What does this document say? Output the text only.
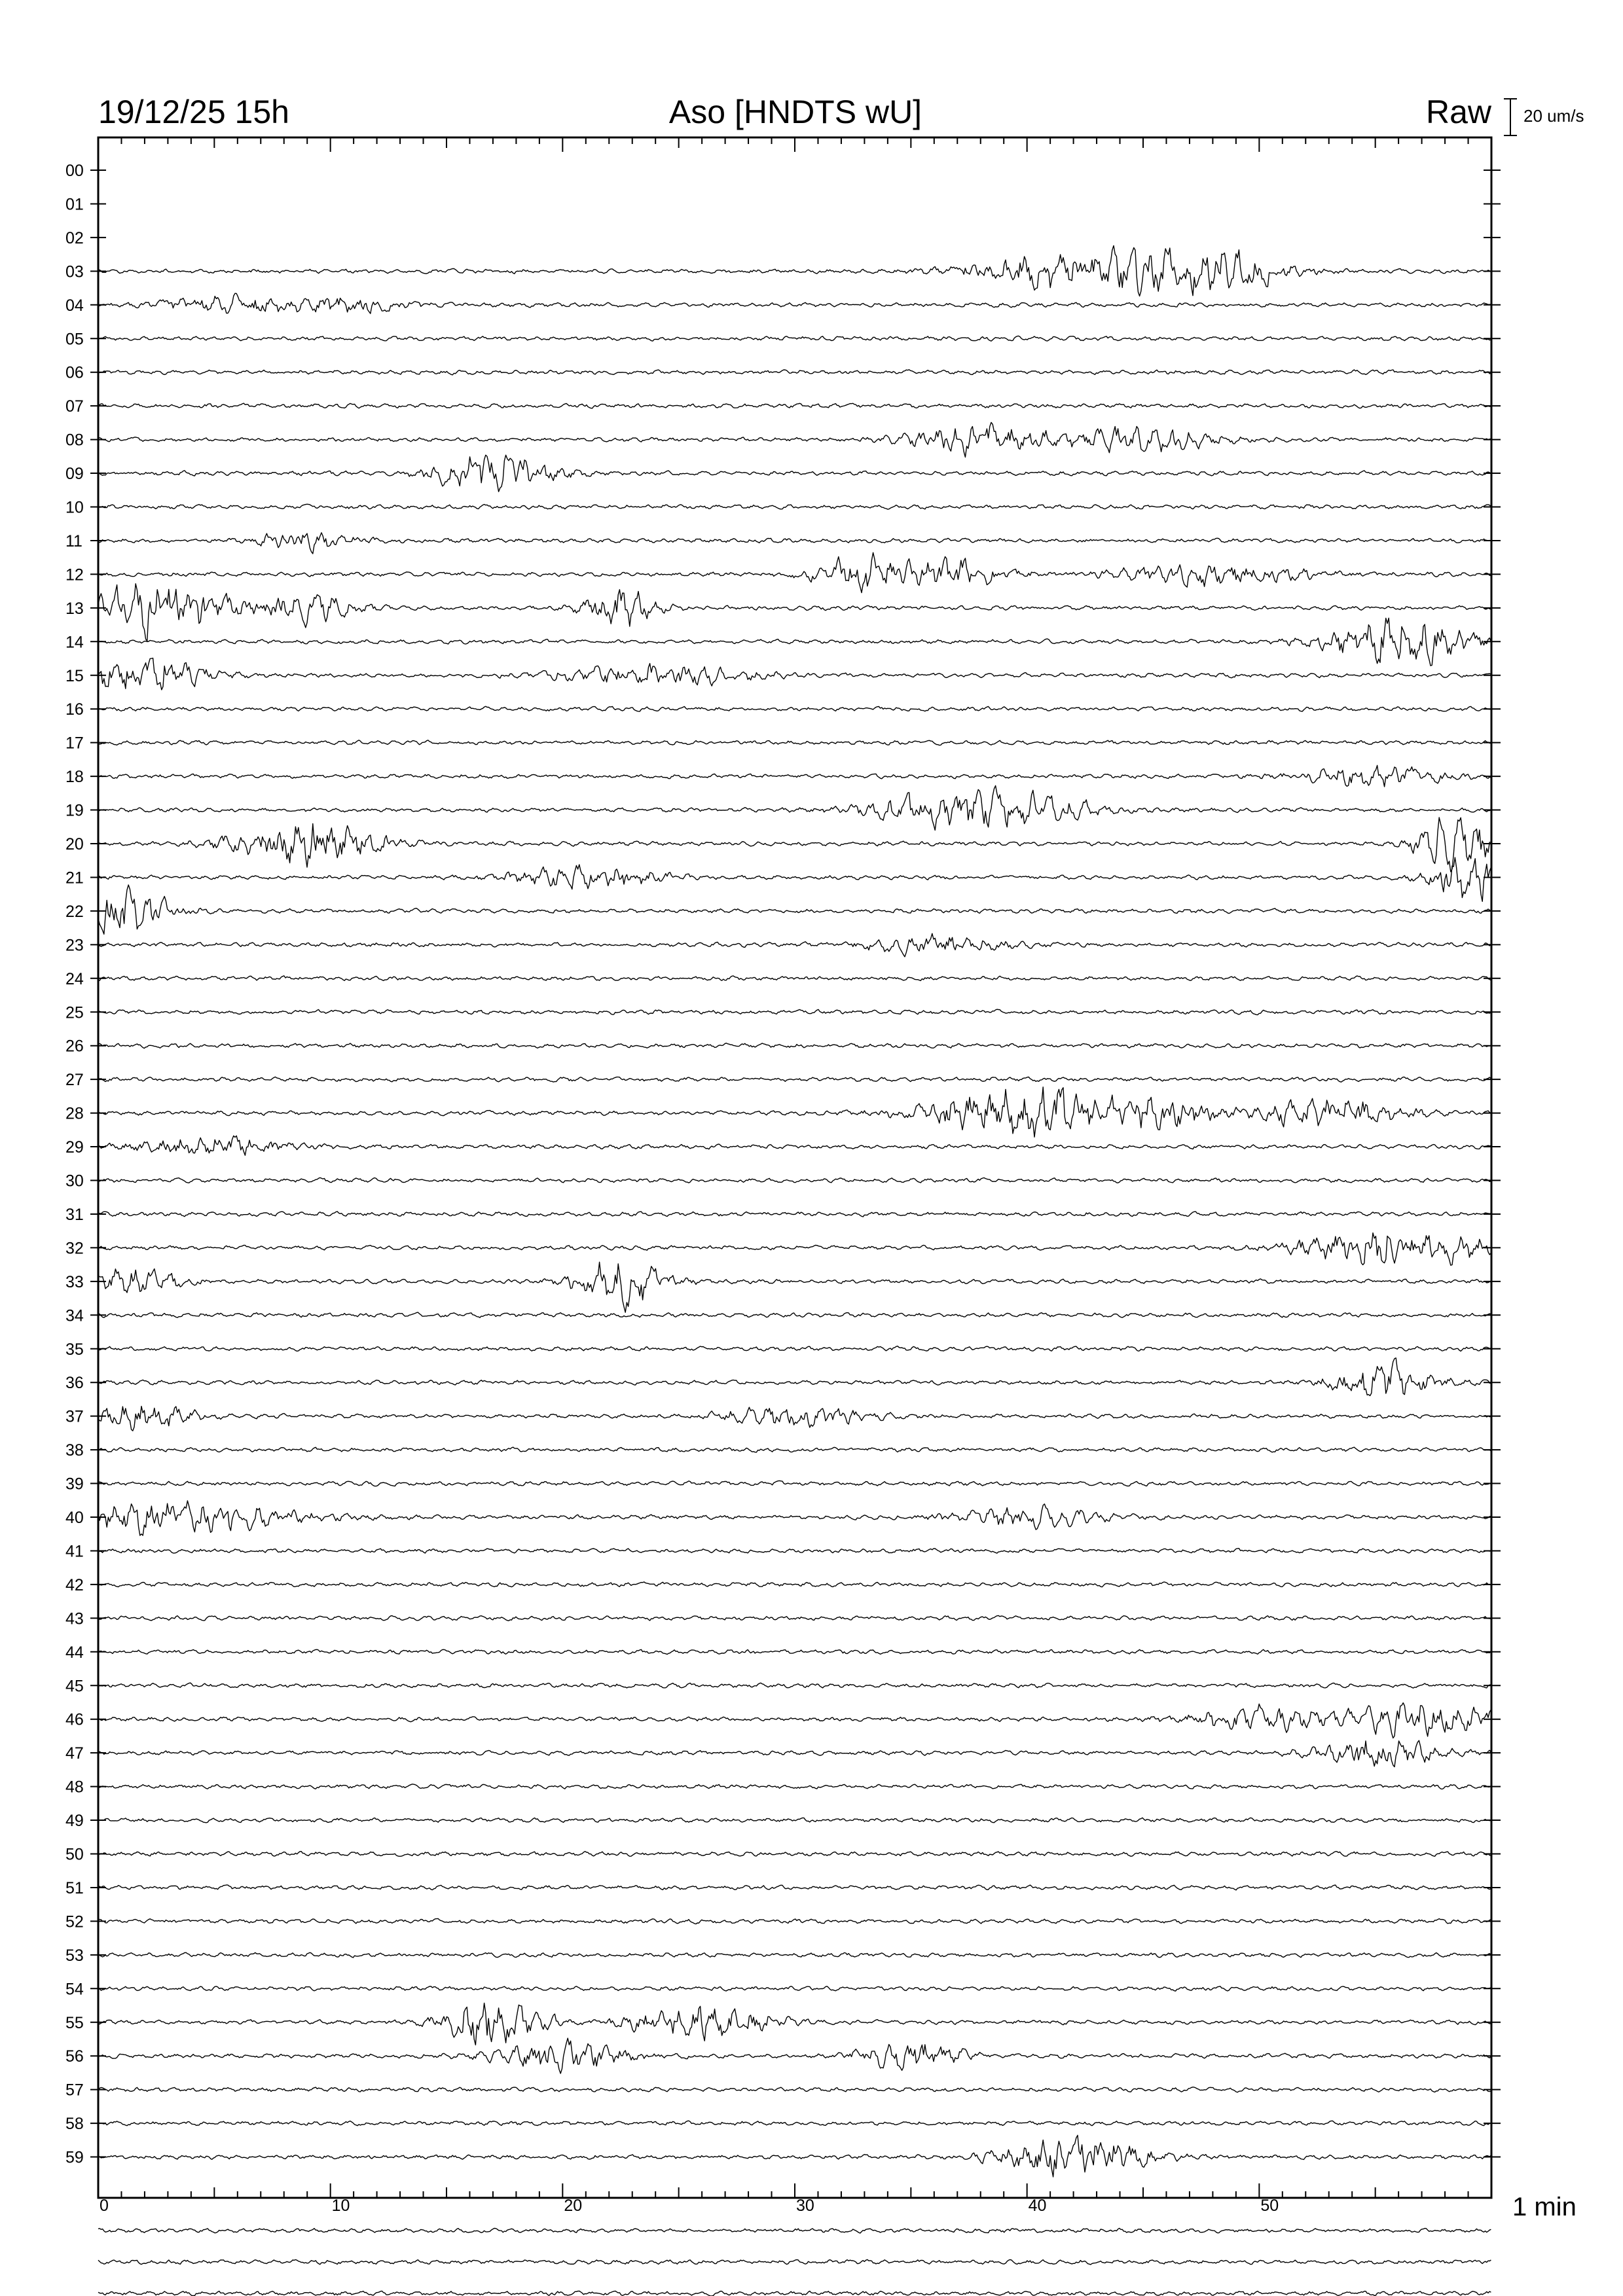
19/12/25 15h	Aso [HNDTS wU]	Raw 20 um/s
00
01
02
03
04
05
06
07
08
09
10
11
12
13
14
15
16
17
18
19
20
21
22
23
24
25
26
27
28
29
30
31
32
33
34
35
36
37
38
39
40
41
42
43
44
45
46
47
48
49
50
51
52
53
54
55
56
57
58
59
0	10	20	30	40	50	1 min
